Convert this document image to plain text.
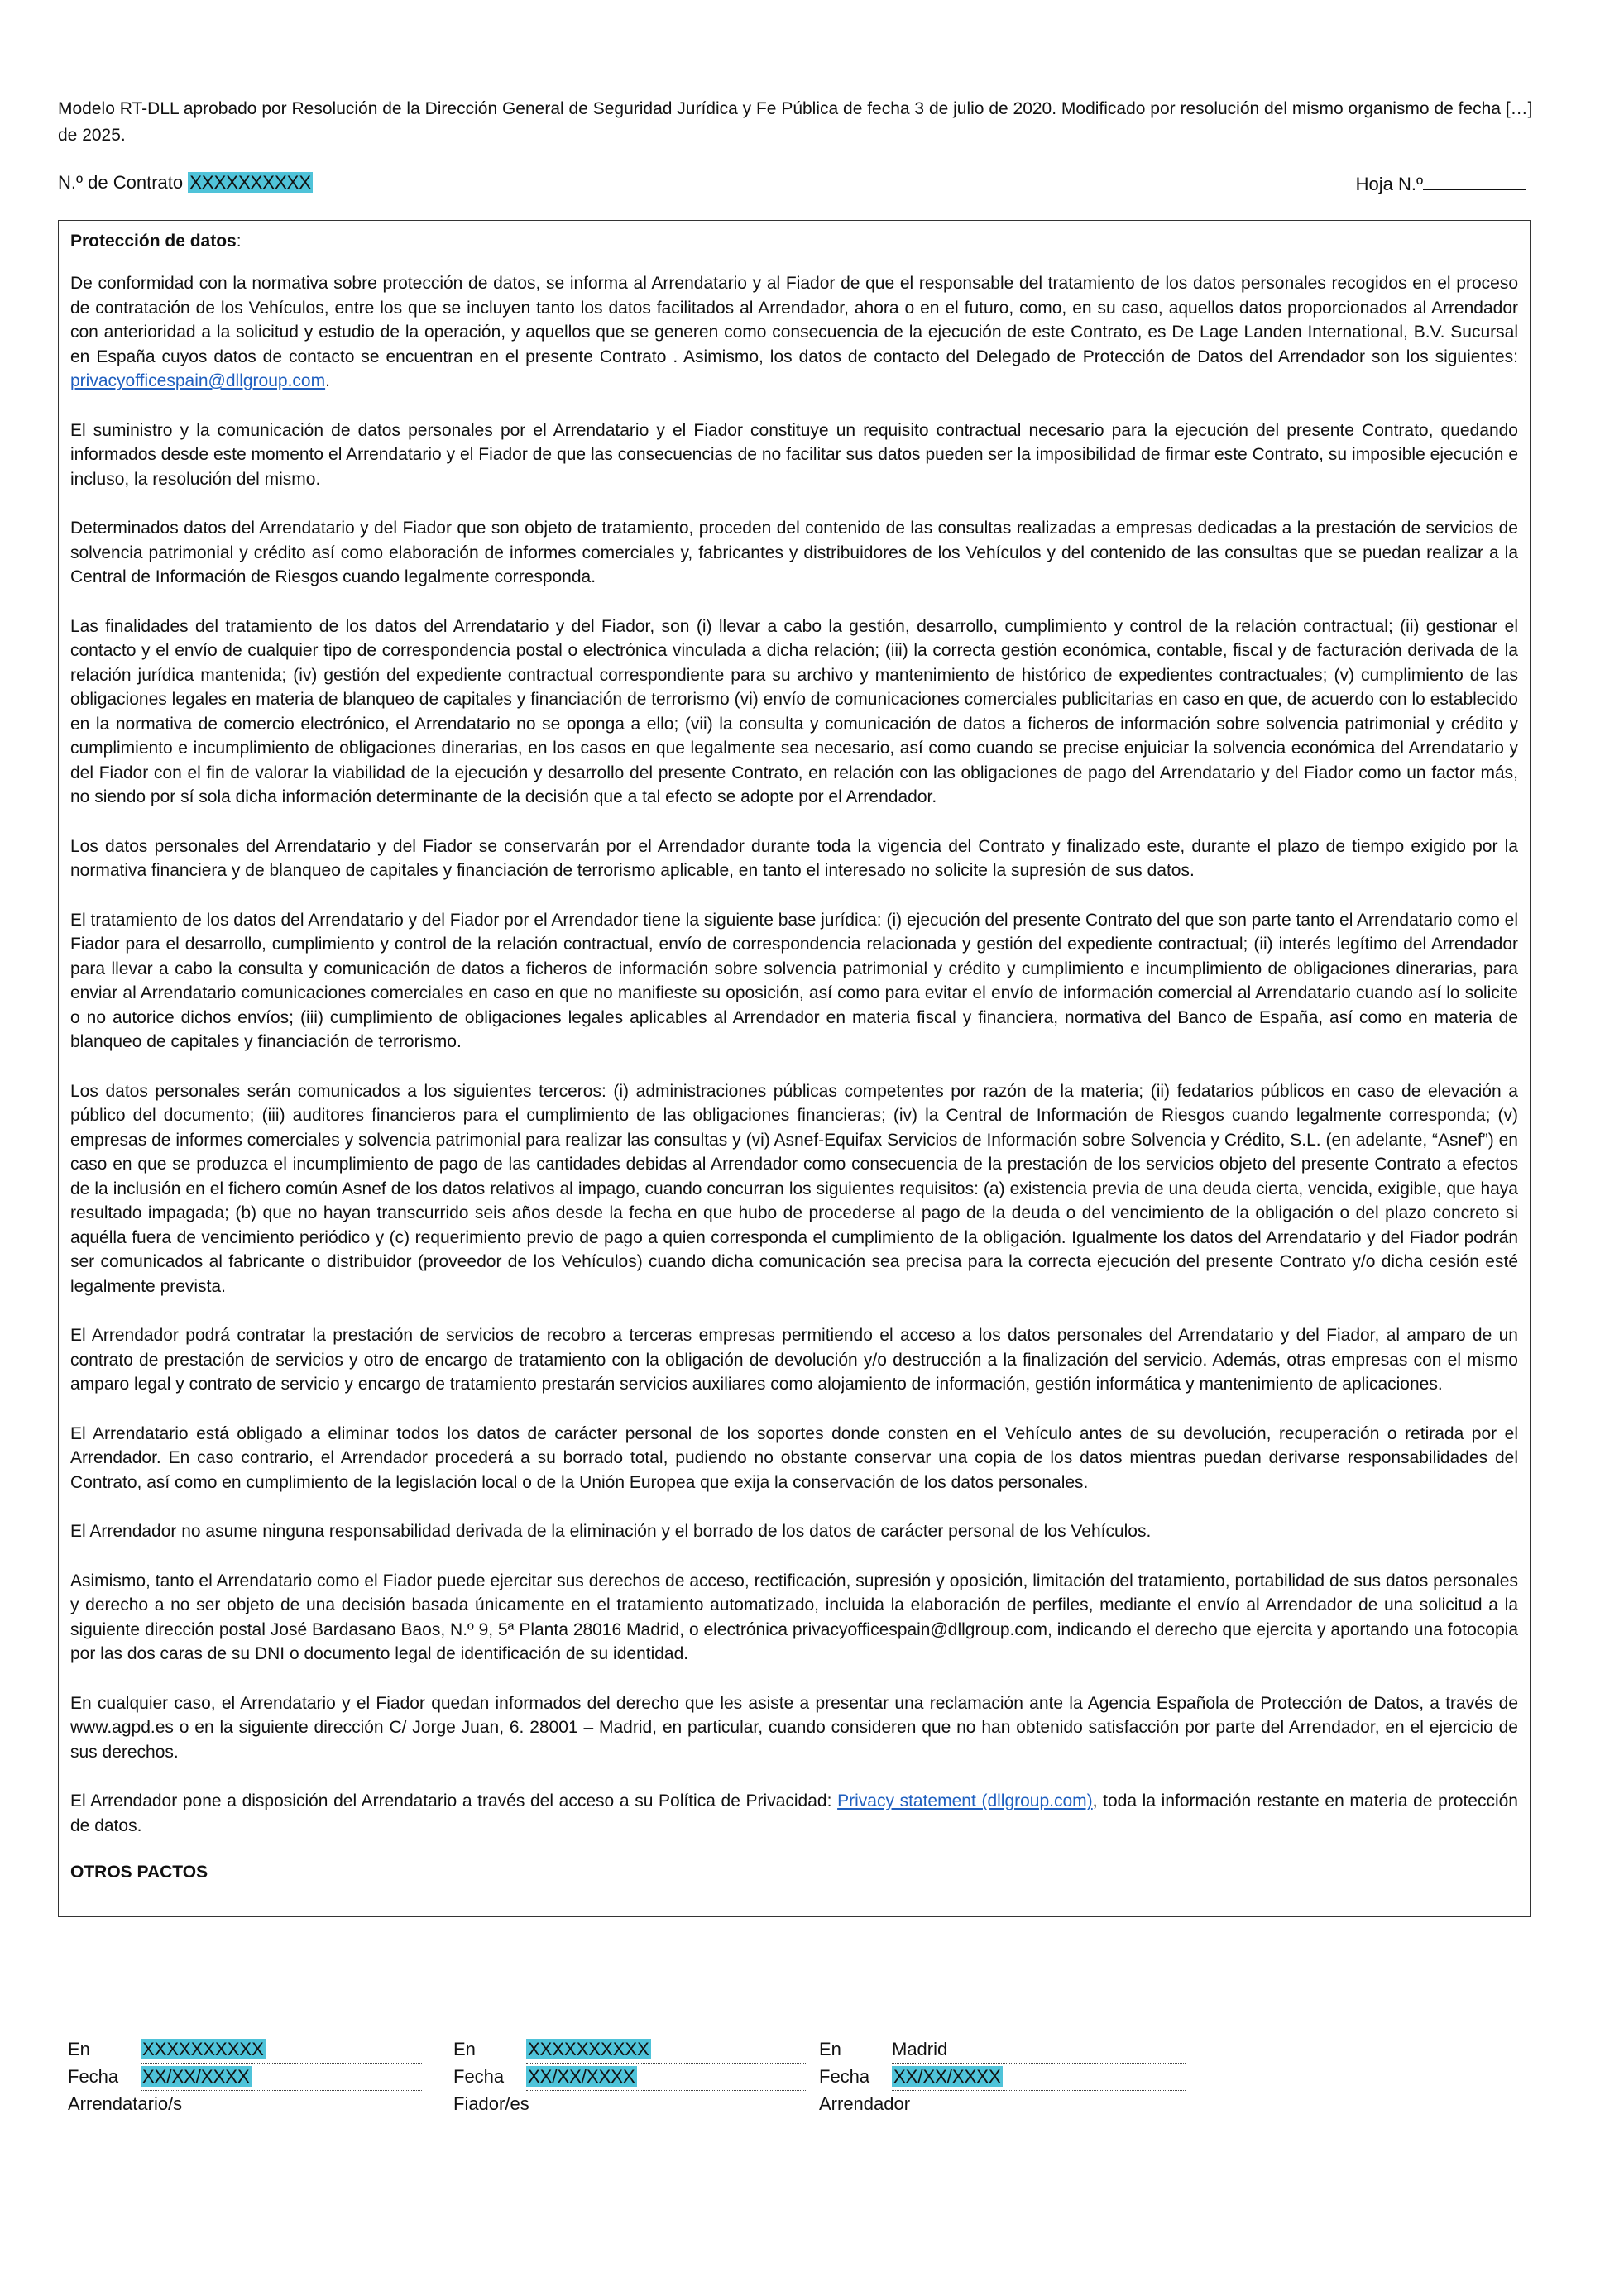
Modelo RT-DLL aprobado por Resolución de la Dirección General de Seguridad Jurídica y Fe Pública de fecha 3 de julio de 2020. Modificado por resolución del mismo organismo de fecha […] de 2025.
N.º de Contrato XXXXXXXXXX	Hoja N.º
Protección de datos:

De conformidad con la normativa sobre protección de datos, se informa al Arrendatario y al Fiador de que el responsable del tratamiento de los datos personales recogidos en el proceso de contratación de los Vehículos, entre los que se incluyen tanto los datos facilitados al Arrendador, ahora o en el futuro, como, en su caso, aquellos datos proporcionados al Arrendador con anterioridad a la solicitud y estudio de la operación, y aquellos que se generen como consecuencia de la ejecución de este Contrato, es De Lage Landen International, B.V. Sucursal en España cuyos datos de contacto se encuentran en el presente Contrato . Asimismo, los datos de contacto del Delegado de Protección de Datos del Arrendador son los siguientes: privacyofficespain@dllgroup.com.

El suministro y la comunicación de datos personales por el Arrendatario y el Fiador constituye un requisito contractual necesario para la ejecución del presente Contrato, quedando informados desde este momento el Arrendatario y el Fiador de que las consecuencias de no facilitar sus datos pueden ser la imposibilidad de firmar este Contrato, su imposible ejecución e incluso, la resolución del mismo.

Determinados datos del Arrendatario y del Fiador que son objeto de tratamiento, proceden del contenido de las consultas realizadas a empresas dedicadas a la prestación de servicios de solvencia patrimonial y crédito así como elaboración de informes comerciales y, fabricantes y distribuidores de los Vehículos y del contenido de las consultas que se puedan realizar a la Central de Información de Riesgos cuando legalmente corresponda.

Las finalidades del tratamiento de los datos del Arrendatario y del Fiador, son (i) llevar a cabo la gestión, desarrollo, cumplimiento y control de la relación contractual; (ii) gestionar el contacto y el envío de cualquier tipo de correspondencia postal o electrónica vinculada a dicha relación; (iii) la correcta gestión económica, contable, fiscal y de facturación derivada de la relación jurídica mantenida; (iv) gestión del expediente contractual correspondiente para su archivo y mantenimiento de histórico de expedientes contractuales; (v) cumplimiento de las obligaciones legales en materia de blanqueo de capitales y financiación de terrorismo (vi) envío de comunicaciones comerciales publicitarias en caso en que, de acuerdo con lo establecido en la normativa de comercio electrónico, el Arrendatario no se oponga a ello; (vii) la consulta y comunicación de datos a ficheros de información sobre solvencia patrimonial y crédito y cumplimiento e incumplimiento de obligaciones dinerarias, en los casos en que legalmente sea necesario, así como cuando se precise enjuiciar la solvencia económica del Arrendatario y del Fiador con el fin de valorar la viabilidad de la ejecución y desarrollo del presente Contrato, en relación con las obligaciones de pago del Arrendatario y del Fiador como un factor más, no siendo por sí sola dicha información determinante de la decisión que a tal efecto se adopte por el Arrendador.

Los datos personales del Arrendatario y del Fiador se conservarán por el Arrendador durante toda la vigencia del Contrato y finalizado este, durante el plazo de tiempo exigido por la normativa financiera y de blanqueo de capitales y financiación de terrorismo aplicable, en tanto el interesado no solicite la supresión de sus datos.

El tratamiento de los datos del Arrendatario y del Fiador por el Arrendador tiene la siguiente base jurídica: (i) ejecución del presente Contrato del que son parte tanto el Arrendatario como el Fiador para el desarrollo, cumplimiento y control de la relación contractual, envío de correspondencia relacionada y gestión del expediente contractual; (ii) interés legítimo del Arrendador para llevar a cabo la consulta y comunicación de datos a ficheros de información sobre solvencia patrimonial y crédito y cumplimiento e incumplimiento de obligaciones dinerarias, para enviar al Arrendatario comunicaciones comerciales en caso en que no manifieste su oposición, así como para evitar el envío de información comercial al Arrendatario cuando así lo solicite o no autorice dichos envíos; (iii) cumplimiento de obligaciones legales aplicables al Arrendador en materia fiscal y financiera, normativa del Banco de España, así como en materia de blanqueo de capitales y financiación de terrorismo.

Los datos personales serán comunicados a los siguientes terceros: (i) administraciones públicas competentes por razón de la materia; (ii) fedatarios públicos en caso de elevación a público del documento; (iii) auditores financieros para el cumplimiento de las obligaciones financieras; (iv) la Central de Información de Riesgos cuando legalmente corresponda; (v) empresas de informes comerciales y solvencia patrimonial para realizar las consultas y (vi) Asnef-Equifax Servicios de Información sobre Solvencia y Crédito, S.L. (en adelante, “Asnef”) en caso en que se produzca el incumplimiento de pago de las cantidades debidas al Arrendador como consecuencia de la prestación de los servicios objeto del presente Contrato a efectos de la inclusión en el fichero común Asnef de los datos relativos al impago, cuando concurran los siguientes requisitos: (a) existencia previa de una deuda cierta, vencida, exigible, que haya resultado impagada; (b) que no hayan transcurrido seis años desde la fecha en que hubo de procederse al pago de la deuda o del vencimiento de la obligación o del plazo concreto si aquélla fuera de vencimiento periódico y (c) requerimiento previo de pago a quien corresponda el cumplimiento de la obligación. Igualmente los datos del Arrendatario y del Fiador podrán ser comunicados al fabricante o distribuidor (proveedor de los Vehículos) cuando dicha comunicación sea precisa para la correcta ejecución del presente Contrato y/o dicha cesión esté legalmente prevista.

El Arrendador podrá contratar la prestación de servicios de recobro a terceras empresas permitiendo el acceso a los datos personales del Arrendatario y del Fiador, al amparo de un contrato de prestación de servicios y otro de encargo de tratamiento con la obligación de devolución y/o destrucción a la finalización del servicio. Además, otras empresas con el mismo amparo legal y contrato de servicio y encargo de tratamiento prestarán servicios auxiliares como alojamiento de información, gestión informática y mantenimiento de aplicaciones.

El Arrendatario está obligado a eliminar todos los datos de carácter personal de los soportes donde consten en el Vehículo antes de su devolución, recuperación o retirada por el Arrendador. En caso contrario, el Arrendador procederá a su borrado total, pudiendo no obstante conservar una copia de los datos mientras puedan derivarse responsabilidades del Contrato, así como en cumplimiento de la legislación local o de la Unión Europea que exija la conservación de los datos personales.

El Arrendador no asume ninguna responsabilidad derivada de la eliminación y el borrado de los datos de carácter personal de los Vehículos.

Asimismo, tanto el Arrendatario como el Fiador puede ejercitar sus derechos de acceso, rectificación, supresión y oposición, limitación del tratamiento, portabilidad de sus datos personales y derecho a no ser objeto de una decisión basada únicamente en el tratamiento automatizado, incluida la elaboración de perfiles, mediante el envío al Arrendador de una solicitud a la siguiente dirección postal José Bardasano Baos, N.º 9, 5ª Planta 28016 Madrid, o electrónica privacyofficespain@dllgroup.com, indicando el derecho que ejercita y aportando una fotocopia por las dos caras de su DNI o documento legal de identificación de su identidad.

En cualquier caso, el Arrendatario y el Fiador quedan informados del derecho que les asiste a presentar una reclamación ante la Agencia Española de Protección de Datos, a través de www.agpd.es o en la siguiente dirección C/ Jorge Juan, 6. 28001 – Madrid, en particular, cuando consideren que no han obtenido satisfacción por parte del Arrendador, en el ejercicio de sus derechos.

El Arrendador pone a disposición del Arrendatario a través del acceso a su Política de Privacidad: Privacy statement (dllgroup.com), toda la información restante en materia de protección de datos.

OTROS PACTOS
En	XXXXXXXXXX
Fecha	XX/XX/XXXX
Arrendatario/s
En	XXXXXXXXXX
Fecha	XX/XX/XXXX
Fiador/es
En	Madrid
Fecha	XX/XX/XXXX
Arrendador
